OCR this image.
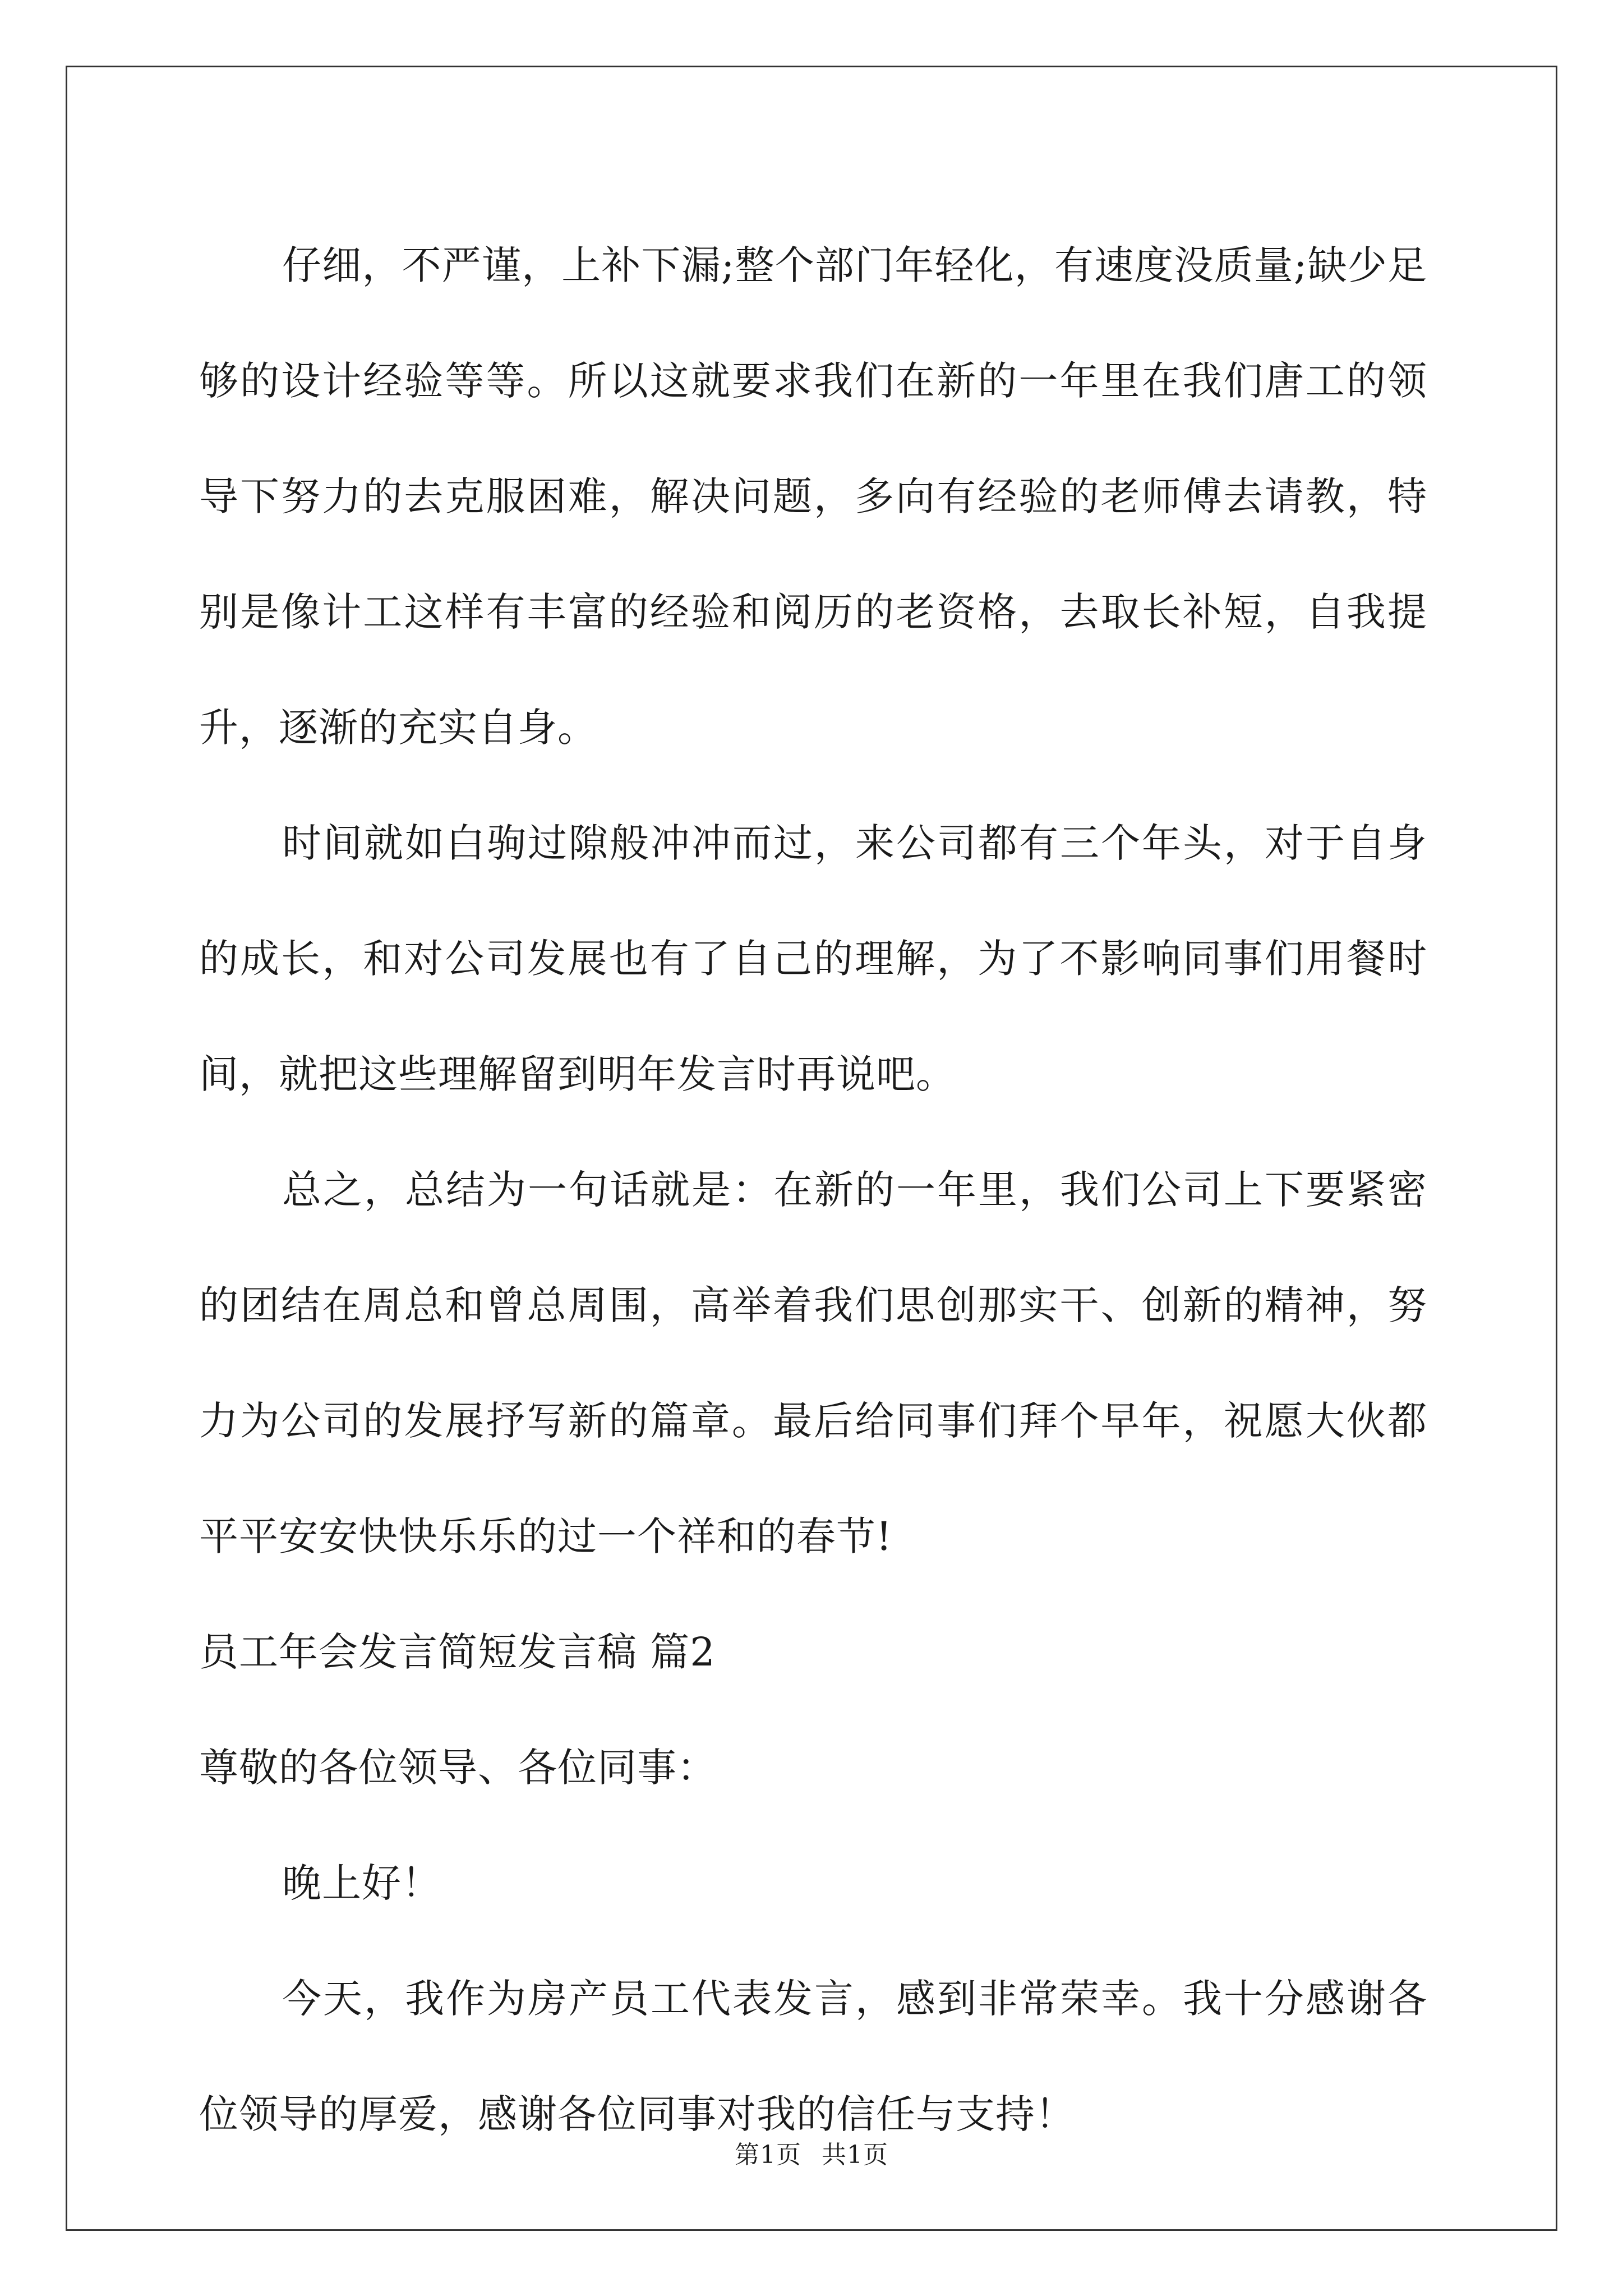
仔细，不严谨，上补下漏;整个部门年轻化，有速度没质量;缺少足够的设计经验等等。所以这就要求我们在新的一年里在我们唐工的领导下努力的去克服困难，解决问题，多向有经验的老师傅去请教，特别是像计工这样有丰富的经验和阅历的老资格，去取长补短，自我提升，逐渐的充实自身。

时间就如白驹过隙般冲冲而过，来公司都有三个年头，对于自身的成长，和对公司发展也有了自己的理解，为了不影响同事们用餐时间，就把这些理解留到明年发言时再说吧。

总之，总结为一句话就是：在新的一年里，我们公司上下要紧密的团结在周总和曾总周围，高举着我们思创那实干、创新的精神，努力为公司的发展抒写新的篇章。最后给同事们拜个早年，祝愿大伙都平平安安快快乐乐的过一个祥和的春节!

员工年会发言简短发言稿 篇2

尊敬的各位领导、各位同事：

晚上好！

今天，我作为房产员工代表发言，感到非常荣幸。我十分感谢各位领导的厚爱，感谢各位同事对我的信任与支持！

第1页 共1页
